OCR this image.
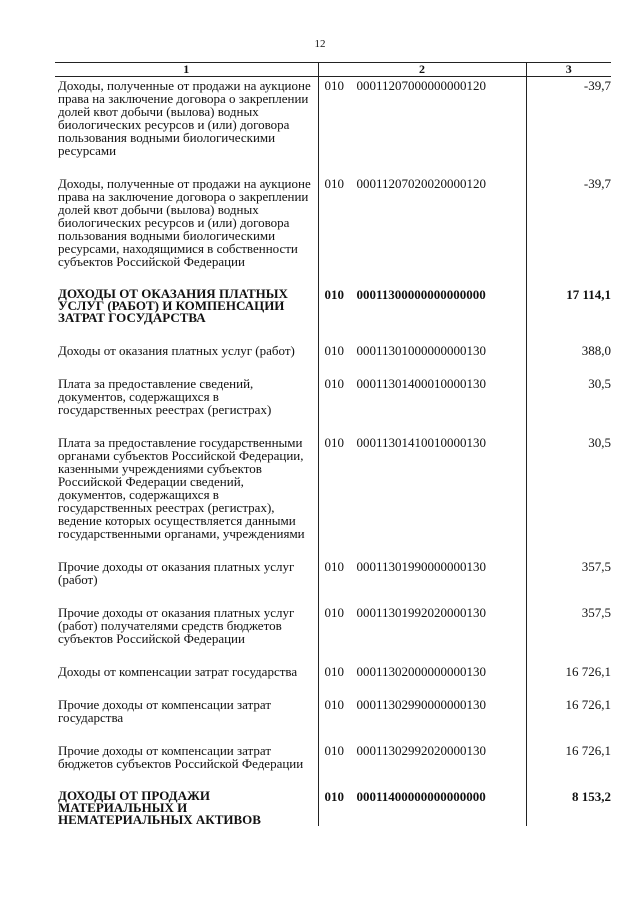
12
1	2	3
Доходы, полученные от продажи на аукционе права на заключение договора о закреплении долей квот добычи (вылова) водных биологических ресурсов и (или) договора пользования водными биологическими ресурсами	010 00011207000000000120	-39,7

Доходы, полученные от продажи на аукционе права на заключение договора о закреплении долей квот добычи (вылова) водных биологических ресурсов и (или) договора пользования водными биологическими ресурсами, находящимися в собственности субъектов Российской Федерации	010 00011207020020000120	-39,7

ДОХОДЫ ОТ ОКАЗАНИЯ ПЛАТНЫХ УСЛУГ (РАБОТ) И КОМПЕНСАЦИИ ЗАТРАТ ГОСУДАРСТВА	010 00011300000000000000	17 114,1

Доходы от оказания платных услуг (работ)	010 00011301000000000130	388,0

Плата за предоставление сведений, документов, содержащихся в государственных реестрах (регистрах)	010 00011301400010000130	30,5

Плата за предоставление государственными органами субъектов Российской Федерации, казенными учреждениями субъектов Российской Федерации сведений, документов, содержащихся в государственных реестрах (регистрах), ведение которых осуществляется данными государственными органами, учреждениями	010 00011301410010000130	30,5

Прочие доходы от оказания платных услуг (работ)	010 00011301990000000130	357,5

Прочие доходы от оказания платных услуг (работ) получателями средств бюджетов субъектов Российской Федерации	010 00011301992020000130	357,5

Доходы от компенсации затрат государства	010 00011302000000000130	16 726,1

Прочие доходы от компенсации затрат государства	010 00011302990000000130	16 726,1

Прочие доходы от компенсации затрат бюджетов субъектов Российской Федерации	010 00011302992020000130	16 726,1

ДОХОДЫ ОТ ПРОДАЖИ МАТЕРИАЛЬНЫХ И НЕМАТЕРИАЛЬНЫХ АКТИВОВ	010 00011400000000000000	8 153,2
